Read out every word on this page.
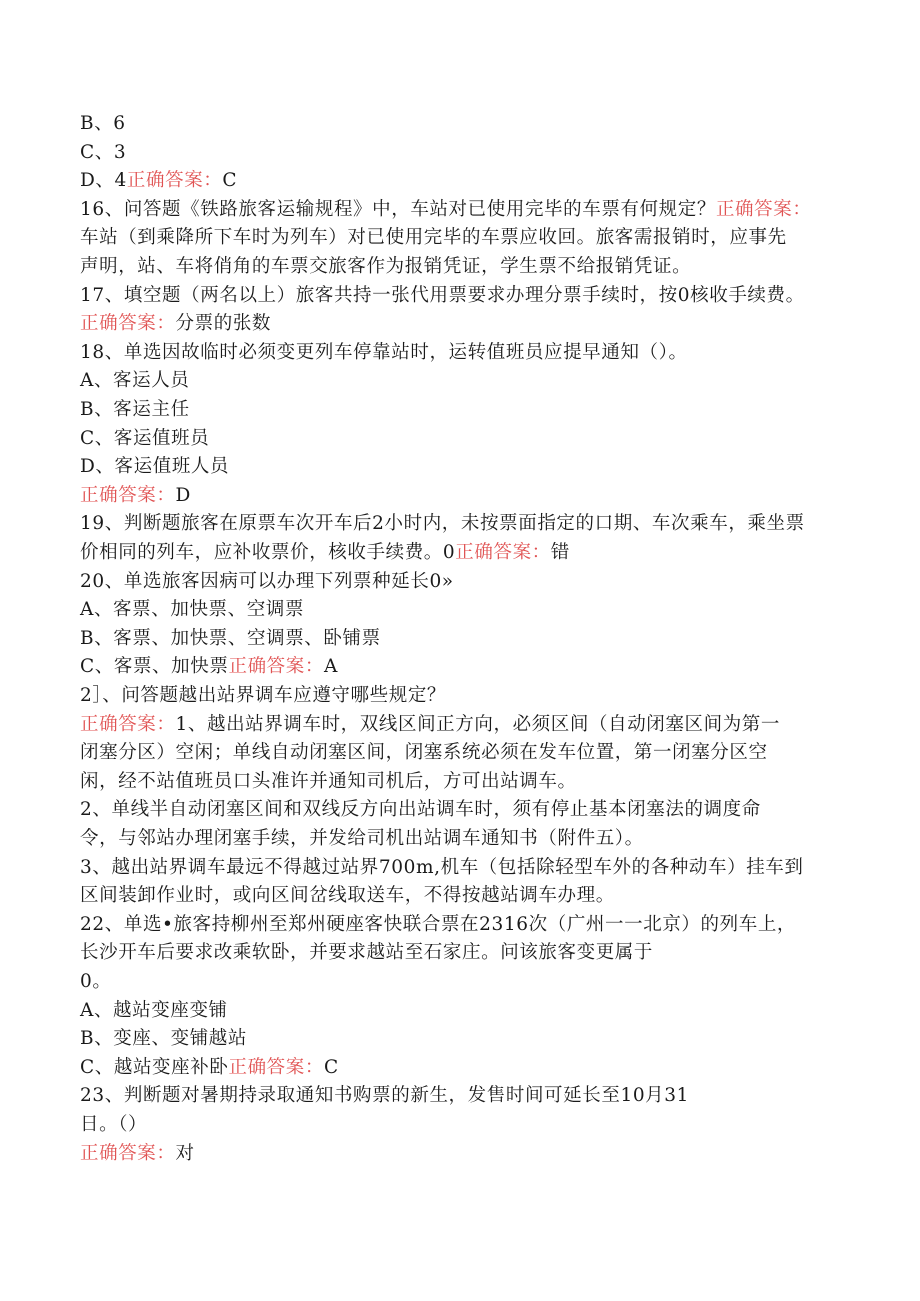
B、6
C、3
D、4正确答案：C
16、问答题《铁路旅客运输规程》中，车站对已使用完毕的车票有何规定？正确答案：
车站（到乘降所下车时为列车）对已使用完毕的车票应收回。旅客需报销时，应事先
声明，站、车将俏角的车票交旅客作为报销凭证，学生票不给报销凭证。
17、填空题（两名以上）旅客共持一张代用票要求办理分票手续时，按0核收手续费。
正确答案：分票的张数
18、单选因故临时必须变更列车停靠站时，运转值班员应提早通知（）。
A、客运人员
B、客运主任
C、客运值班员
D、客运值班人员
正确答案：D
19、判断题旅客在原票车次开车后2小时内，未按票面指定的口期、车次乘车，乘坐票
价相同的列车，应补收票价，核收手续费。0正确答案：错
20、单选旅客因病可以办理下列票种延长0»
A、客票、加快票、空调票
B、客票、加快票、空调票、卧铺票
C、客票、加快票正确答案：A
2］、问答题越出站界调车应遵守哪些规定？
正确答案：1、越出站界调车时，双线区间正方向，必须区间（自动闭塞区间为第一
闭塞分区）空闲；单线自动闭塞区间，闭塞系统必须在发车位置，第一闭塞分区空
闲，经不站值班员口头准许并通知司机后，方可出站调车。
2、单线半自动闭塞区间和双线反方向出站调车时，须有停止基本闭塞法的调度命
令，与邻站办理闭塞手续，并发给司机出站调车通知书（附件五）。
3、越出站界调车最远不得越过站界700m,机车（包括除轻型车外的各种动车）挂车到
区间装卸作业时，或向区间岔线取送车，不得按越站调车办理。
22、单选•旅客持柳州至郑州硬座客快联合票在2316次（广州一一北京）的列车上，
长沙开车后要求改乘软卧，并要求越站至石家庄。问该旅客变更属于
0。
A、越站变座变铺
B、变座、变铺越站
C、越站变座补卧正确答案：C
23、判断题对暑期持录取通知书购票的新生，发售时间可延长至10月31
日。（）
正确答案：对
